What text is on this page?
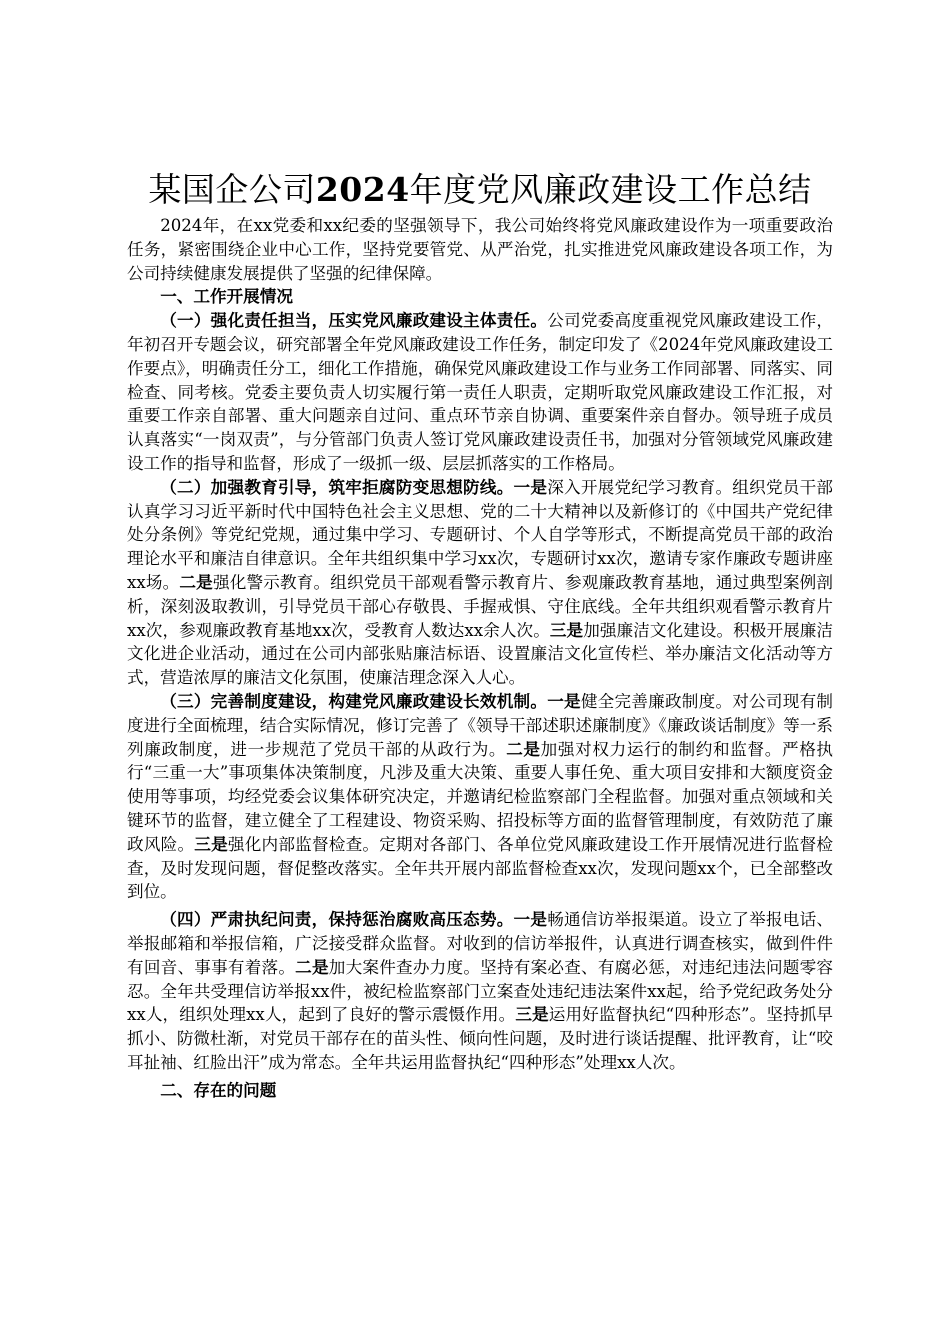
某国企公司2024年度党风廉政建设工作总结

2024年，在xx党委和xx纪委的坚强领导下，我公司始终将党风廉政建设作为一项重要政治任务，紧密围绕企业中心工作，坚持党要管党、从严治党，扎实推进党风廉政建设各项工作，为公司持续健康发展提供了坚强的纪律保障。

一、工作开展情况

（一）强化责任担当，压实党风廉政建设主体责任。公司党委高度重视党风廉政建设工作，年初召开专题会议，研究部署全年党风廉政建设工作任务，制定印发了《2024年党风廉政建设工作要点》，明确责任分工，细化工作措施，确保党风廉政建设工作与业务工作同部署、同落实、同检查、同考核。党委主要负责人切实履行第一责任人职责，定期听取党风廉政建设工作汇报，对重要工作亲自部署、重大问题亲自过问、重点环节亲自协调、重要案件亲自督办。领导班子成员认真落实“一岗双责”，与分管部门负责人签订党风廉政建设责任书，加强对分管领域党风廉政建设工作的指导和监督，形成了一级抓一级、层层抓落实的工作格局。

（二）加强教育引导，筑牢拒腐防变思想防线。一是深入开展党纪学习教育。组织党员干部认真学习习近平新时代中国特色社会主义思想、党的二十大精神以及新修订的《中国共产党纪律处分条例》等党纪党规，通过集中学习、专题研讨、个人自学等形式，不断提高党员干部的政治理论水平和廉洁自律意识。全年共组织集中学习xx次，专题研讨xx次，邀请专家作廉政专题讲座xx场。二是强化警示教育。组织党员干部观看警示教育片、参观廉政教育基地，通过典型案例剖析，深刻汲取教训，引导党员干部心存敬畏、手握戒惧、守住底线。全年共组织观看警示教育片xx次，参观廉政教育基地xx次，受教育人数达xx余人次。三是加强廉洁文化建设。积极开展廉洁文化进企业活动，通过在公司内部张贴廉洁标语、设置廉洁文化宣传栏、举办廉洁文化活动等方式，营造浓厚的廉洁文化氛围，使廉洁理念深入人心。

（三）完善制度建设，构建党风廉政建设长效机制。一是健全完善廉政制度。对公司现有制度进行全面梳理，结合实际情况，修订完善了《领导干部述职述廉制度》《廉政谈话制度》等一系列廉政制度，进一步规范了党员干部的从政行为。二是加强对权力运行的制约和监督。严格执行“三重一大”事项集体决策制度，凡涉及重大决策、重要人事任免、重大项目安排和大额度资金使用等事项，均经党委会议集体研究决定，并邀请纪检监察部门全程监督。加强对重点领域和关键环节的监督，建立健全了工程建设、物资采购、招投标等方面的监督管理制度，有效防范了廉政风险。三是强化内部监督检查。定期对各部门、各单位党风廉政建设工作开展情况进行监督检查，及时发现问题，督促整改落实。全年共开展内部监督检查xx次，发现问题xx个，已全部整改到位。

（四）严肃执纪问责，保持惩治腐败高压态势。一是畅通信访举报渠道。设立了举报电话、举报邮箱和举报信箱，广泛接受群众监督。对收到的信访举报件，认真进行调查核实，做到件件有回音、事事有着落。二是加大案件查办力度。坚持有案必查、有腐必惩，对违纪违法问题零容忍。全年共受理信访举报xx件，被纪检监察部门立案查处违纪违法案件xx起，给予党纪政务处分xx人，组织处理xx人，起到了良好的警示震慑作用。三是运用好监督执纪“四种形态”。坚持抓早抓小、防微杜渐，对党员干部存在的苗头性、倾向性问题，及时进行谈话提醒、批评教育，让“咬耳扯袖、红脸出汗”成为常态。全年共运用监督执纪“四种形态”处理xx人次。

二、存在的问题
